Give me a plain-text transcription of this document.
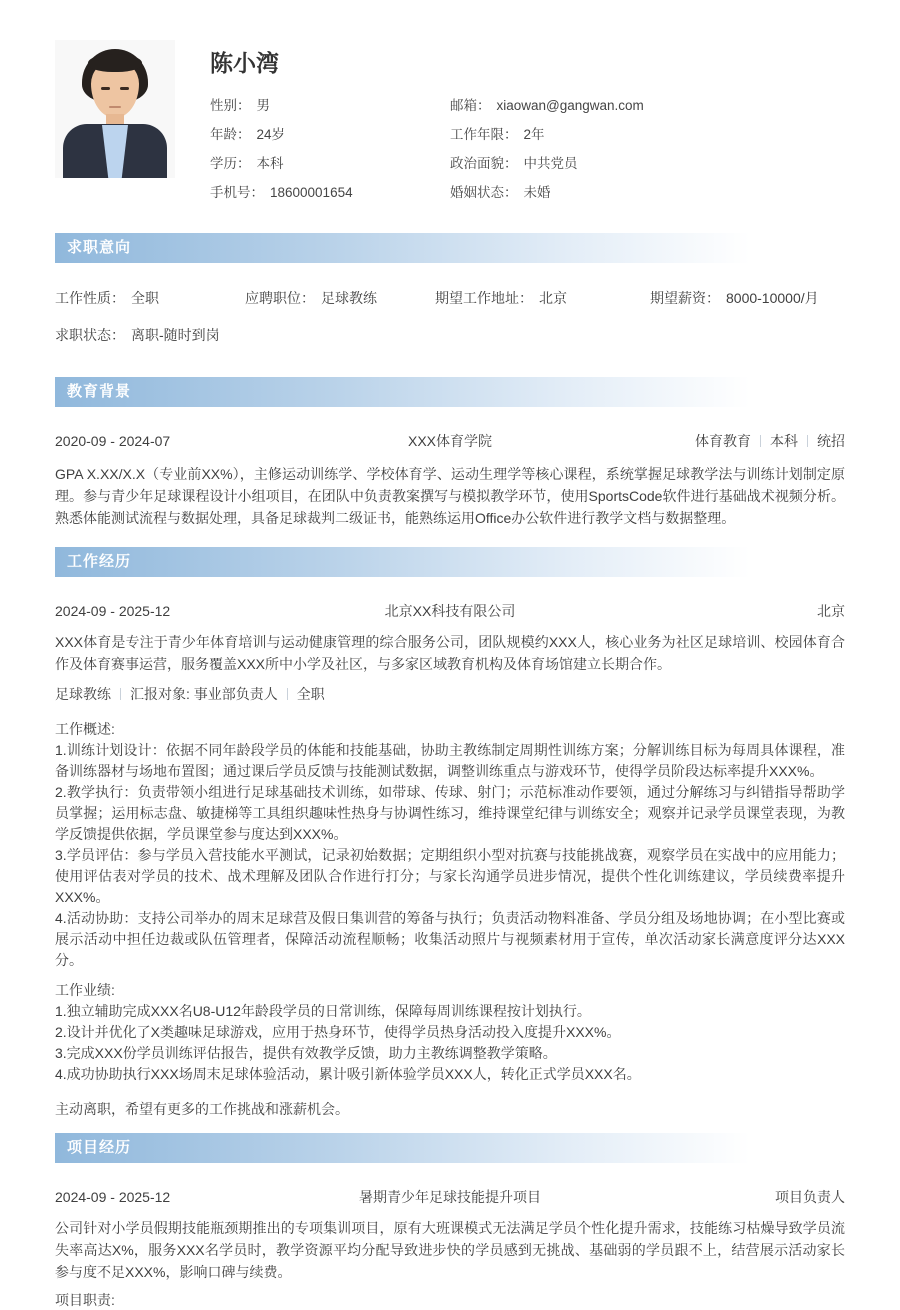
陈小湾
性别： 男	邮箱： xiaowan@gangwan.com
年龄： 24岁	工作年限： 2年
学历： 本科	政治面貌： 中共党员
手机号： 18600001654	婚姻状态： 未婚
求职意向
工作性质： 全职	应聘职位： 足球教练	期望工作地址： 北京	期望薪资： 8000-10000/月
求职状态： 离职-随时到岗
教育背景
2020-09 - 2024-07	XXX体育学院	体育教育 本科 统招
GPA X.XX/X.X（专业前XX%），主修运动训练学、学校体育学、运动生理学等核心课程，系统掌握足球教学法与训练计划制定原理。参与青少年足球课程设计小组项目，在团队中负责教案撰写与模拟教学环节，使用SportsCode软件进行基础战术视频分析。熟悉体能测试流程与数据处理，具备足球裁判二级证书，能熟练运用Office办公软件进行教学文档与数据整理。
工作经历
2024-09 - 2025-12	北京XX科技有限公司	北京
XXX体育是专注于青少年体育培训与运动健康管理的综合服务公司，团队规模约XXX人，核心业务为社区足球培训、校园体育合作及体育赛事运营，服务覆盖XXX所中小学及社区，与多家区域教育机构及体育场馆建立长期合作。
足球教练 汇报对象: 事业部负责人 全职
工作概述:
1.训练计划设计：依据不同年龄段学员的体能和技能基础，协助主教练制定周期性训练方案；分解训练目标为每周具体课程，准备训练器材与场地布置图；通过课后学员反馈与技能测试数据，调整训练重点与游戏环节，使得学员阶段达标率提升XXX%。
2.教学执行：负责带领小组进行足球基础技术训练，如带球、传球、射门；示范标准动作要领，通过分解练习与纠错指导帮助学员掌握；运用标志盘、敏捷梯等工具组织趣味性热身与协调性练习，维持课堂纪律与训练安全；观察并记录学员课堂表现，为教学反馈提供依据，学员课堂参与度达到XXX%。
3.学员评估：参与学员入营技能水平测试，记录初始数据；定期组织小型对抗赛与技能挑战赛，观察学员在实战中的应用能力；使用评估表对学员的技术、战术理解及团队合作进行打分；与家长沟通学员进步情况，提供个性化训练建议，学员续费率提升XXX%。
4.活动协助：支持公司举办的周末足球营及假日集训营的筹备与执行；负责活动物料准备、学员分组及场地协调；在小型比赛或展示活动中担任边裁或队伍管理者，保障活动流程顺畅；收集活动照片与视频素材用于宣传，单次活动家长满意度评分达XXX分。
工作业绩:
1.独立辅助完成XXX名U8-U12年龄段学员的日常训练，保障每周训练课程按计划执行。
2.设计并优化了X类趣味足球游戏，应用于热身环节，使得学员热身活动投入度提升XXX%。
3.完成XXX份学员训练评估报告，提供有效教学反馈，助力主教练调整教学策略。
4.成功协助执行XXX场周末足球体验活动，累计吸引新体验学员XXX人，转化正式学员XXX名。
主动离职，希望有更多的工作挑战和涨薪机会。
项目经历
2024-09 - 2025-12	暑期青少年足球技能提升项目	项目负责人
公司针对小学员假期技能瓶颈期推出的专项集训项目，原有大班课模式无法满足学员个性化提升需求，技能练习枯燥导致学员流失率高达X%，服务XXX名学员时，教学资源平均分配导致进步快的学员感到无挑战、基础弱的学员跟不上，结营展示活动家长参与度不足XXX%，影响口碑与续费。
项目职责:
